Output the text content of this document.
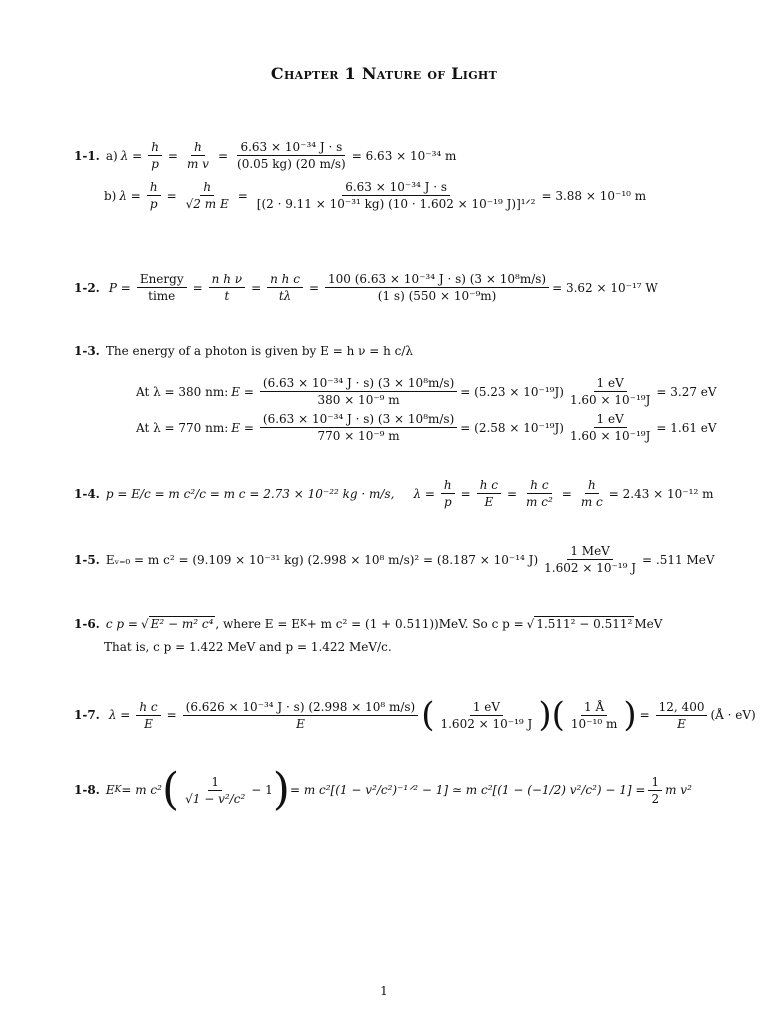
Chapter 1 Nature of Light
1-1. a) $\lambda = \frac{h}{p} = \frac{h}{\text{m v}} = \frac{\text{6.63 × 10⁻³⁴ J · s}}{(0.05 kg) (20 m/s)} = 6.63 \times 10^{-34}$ m
b) $\lambda = \frac{h}{p} = \frac{h}{\text{√2 m E}} = \frac{\text{6.63 × 10⁻³⁴ J · s}}{\text{[(2 · 9.11 × 10⁻³¹ kg) (10 · 1.602 × 10⁻¹⁹ J)]¹ᐟ²}} = 3.88 \times 10^{-10}$ m
1-2. $P = \frac{\text{Energy}}{\text{time}} = \frac{\text{n h ν}}{t} = \frac{\text{n h c}}{t\lambda} = \frac{\text{100 (6.63 × 10⁻³⁴ J · s) (3 × 10⁸m/s)}}{\text{(1 s) (550 × 10⁻⁹m)}} = 3.62 \times 10^{-17}$ W
1-3. The energy of a photon is given by E = h ν = h c/λ
At λ = 380 nm: $E = \frac{\text{(6.63 × 10⁻³⁴ J · s) (3 × 10⁸m/s)}}{\text{380 × 10⁻⁹ m}} = (5.23 \times 10^{-19}J) \frac{1 eV}{\text{1.60 × 10⁻¹⁹J}} = 3.27$ eV
At λ = 770 nm: $E = \frac{\text{(6.63 × 10⁻³⁴ J · s) (3 × 10⁸m/s)}}{\text{770 × 10⁻⁹ m}} = (2.58 \times 10^{-19}J) \frac{1 eV}{\text{1.60 × 10⁻¹⁹J}} = 1.61$ eV
1-4. p = E/c = m c²/c = m c = 2.73 × 10⁻²² kg · m/s, $\lambda = \frac{h}{p} = \frac{\text{h c}}{E} = \frac{\text{h c}}{\text{m c²}} = \frac{h}{\text{m c}} = 2.43 \times 10^{-12}$ m
1-5. Eᵥ₌₀ = m c² = (9.109 × 10⁻³¹ kg) (2.998 × 10⁸ m/s)² = (8.187 × 10⁻¹⁴ $J) \frac{\text{1 MeV}}{\text{1.602 × 10⁻¹⁹ J}} = .511$ MeV
1-6. c p = √ E² − m² c⁴ , where E = E K + m c² = (1 + 0.511))MeV. So c p = √ 1.511² − 0.511² MeV
That is, c p = 1.422 MeV and p = 1.422 MeV/c.
1-7. $\lambda = \frac{\text{h c}}{E} = \frac{\text{(6.626 × 10⁻³⁴ J · s) (2.998 × 10⁸ m/s)}}{E}$ ( $\frac{1 eV}{\text{1.602 × 10⁻¹⁹ J}}$ ) ( $\frac{1 Å}{\text{10⁻¹⁰ m}}$ ) = $\frac{12, 400}{E}$ (Å · eV)
1-8. E K = m c² ( $\frac{1}{\text{√1 − v²/c²}} - 1$ ) = m c²[(1 − v²/c²)⁻¹ᐟ² − 1] ≃ m c²[(1 − (−1/2) $v^2/c^2) - 1] = \frac{1}{2}$ m v²
1
